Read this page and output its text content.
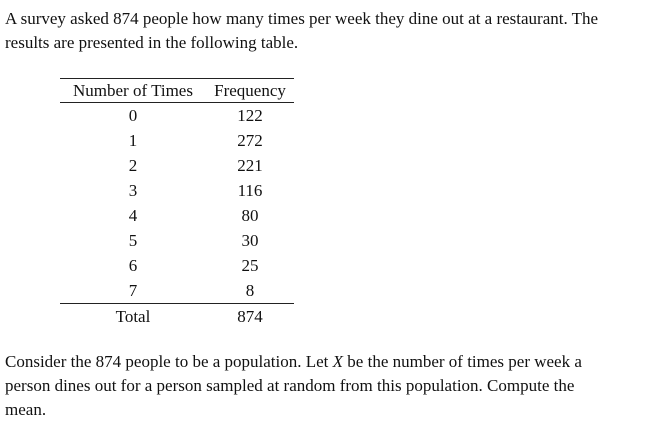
A survey asked 874 people how many times per week they dine out at a restaurant. The
results are presented in the following table.

Number of Times	Frequency
0	122
1	272
2	221
3	116
4	80
5	30
6	25
7	8
Total	874

Consider the 874 people to be a population. Let X be the number of times per week a
person dines out for a person sampled at random from this population. Compute the
mean.
